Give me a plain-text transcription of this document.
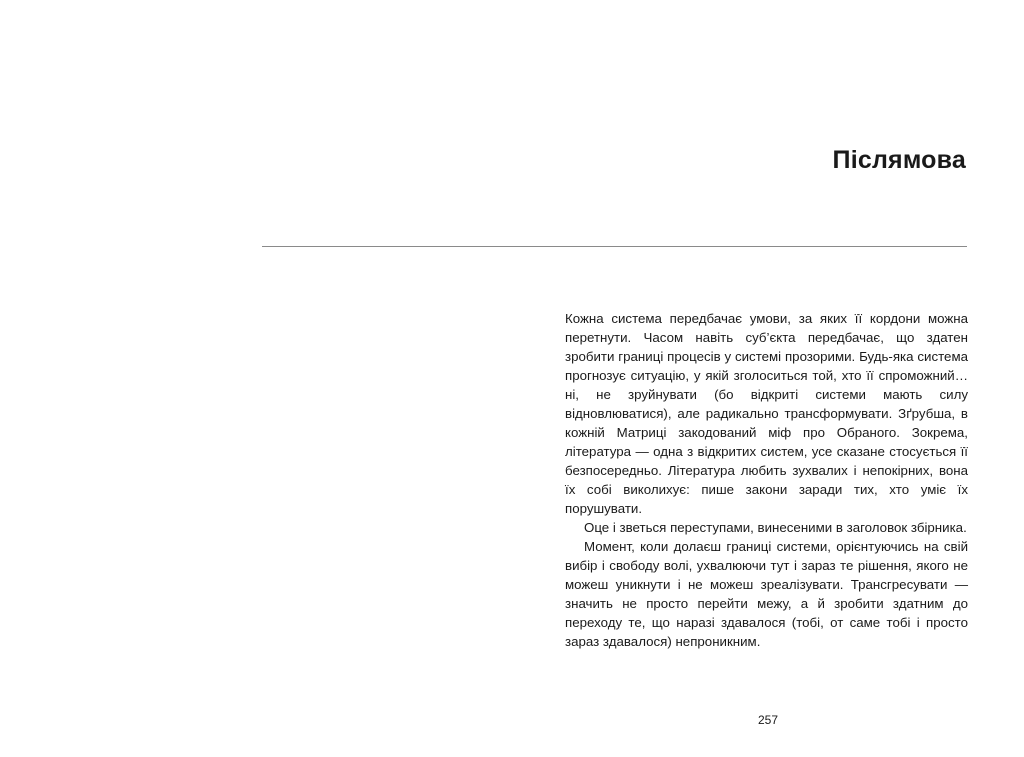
Післямова

Кожна система передбачає умови, за яких її кордони можна перетнути. Часом навіть суб’єкта передбачає, що здатен зробити границі процесів у системі прозорими. Будь-яка система прогнозує ситуацію, у якій зголоситься той, хто її спроможний… ні, не зруйнувати (бо відкриті системи мають силу відновлюватися), але радикально трансформувати. Зґрубша, в кожній Матриці закодований міф про Обраного. Зокрема, література — одна з відкритих систем, усе сказане стосується її безпосередньо. Література любить зухвалих і непокірних, вона їх собі виколихує: пише закони заради тих, хто уміє їх порушувати.

Оце і зветься переступами, винесеними в заголовок збірника.

Момент, коли долаєш границі системи, орієнтуючись на свій вибір і свободу волі, ухвалюючи тут і зараз те рішення, якого не можеш уникнути і не можеш зреалізувати. Трансгресувати — значить не просто перейти межу, а й зробити здатним до переходу те, що наразі здавалося (тобі, от саме тобі і просто зараз здавалося) непроникним.

257
